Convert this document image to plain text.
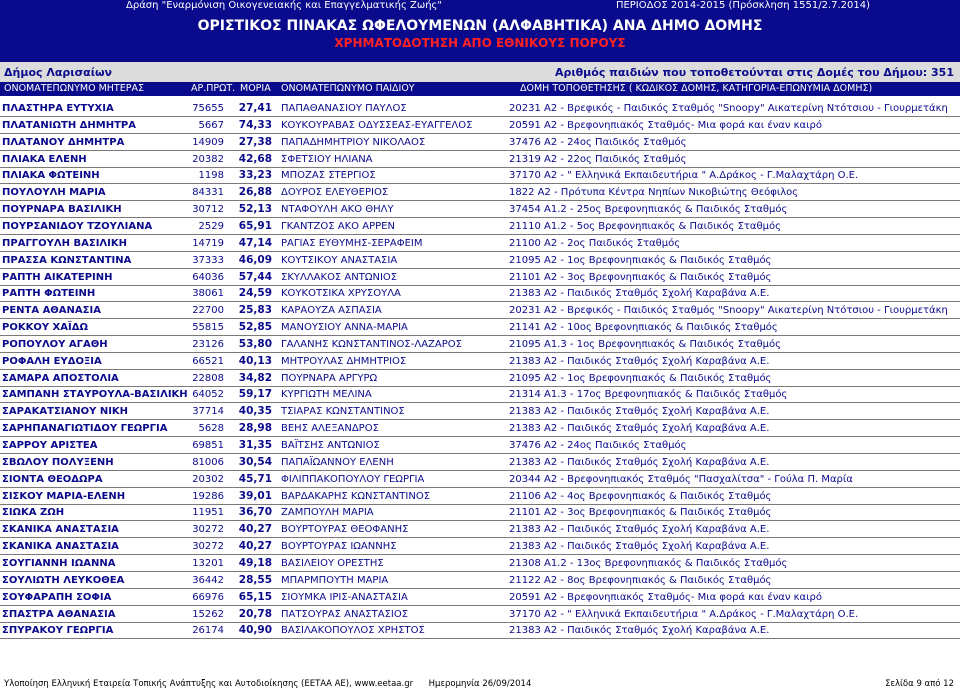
Δράση "Εναρμόνιση Οικογενειακής και Επαγγελματικής Ζωής"	ΠΕΡΙΟΔΟΣ 2014-2015 (Πρόσκληση 1551/2.7.2014)
ΟΡΙΣΤΙΚΟΣ ΠΙΝΑΚΑΣ ΩΦΕΛΟΥΜΕΝΩΝ (ΑΛΦΑΒΗΤΙΚΑ) ΑΝΑ ΔΗΜΟ ΔΟΜΗΣ
ΧΡΗΜΑΤΟΔΟΤΗΣΗ ΑΠΟ ΕΘΝΙΚΟΥΣ ΠΟΡΟΥΣ
Δήμος Λαρισαίων	Αριθμός παιδιών που τοποθετούνται στις Δομές του Δήμου: 351
ΟΝΟΜΑΤΕΠΩΝΥΜΟ ΜΗΤΕΡΑΣ	ΑΡ.ΠΡΩΤ. ΜΟΡΙΑ ΟΝΟΜΑΤΕΠΩΝΥΜΟ ΠΑΙΔΙΟΥ	ΔΟΜΗ ΤΟΠΟΘΕΤΗΣΗΣ ( ΚΩΔΙΚΟΣ ΔΟΜΗΣ, ΚΑΤΗΓΟΡΙΑ-ΕΠΩΝΥΜΙΑ ΔΟΜΗΣ)
ΠΛΑΣΤΗΡΑ ΕΥΤΥΧΙΑ	75655	27,41 ΠΑΠΑΘΑΝΑΣΙΟΥ ΠΑΥΛΟΣ	20231 Α2 - Βρεφικός - Παιδικός Σταθμός "Snoopy" Αικατερίνη Ντότσιου - Γιουρμετάκη
ΠΛΑΤΑΝΙΩΤΗ ΔΗΜΗΤΡΑ	5667	74,33 ΚΟΥΚΟΥΡΑΒΑΣ ΟΔΥΣΣΕΑΣ-ΕΥΑΓΓΕΛΟΣ	20591 Α2 - Βρεφονηπιακός Σταθμός- Μια φορά και έναν καιρό
ΠΛΑΤΑΝΟΥ ΔΗΜΗΤΡΑ	14909	27,38 ΠΑΠΑΔΗΜΗΤΡΙΟΥ ΝΙΚΟΛΑΟΣ	37476 Α2 - 24ος Παιδικός Σταθμός
ΠΛΙΑΚΑ ΕΛΕΝΗ	20382	42,68 ΣΦΕΤΣΙΟΥ ΗΛΙΑΝΑ	21319 Α2 - 22ος Παιδικός Σταθμός
ΠΛΙΑΚΑ ΦΩΤΕΙΝΗ	1198	33,23 ΜΠΟΖΑΣ ΣΤΕΡΓΙΟΣ	37170 Α2 - " Ελληνικά Εκπαιδευτήρια " Α.Δράκος - Γ.Μαλαχτάρη Ο.Ε.
ΠΟΥΛΟΥΛΗ ΜΑΡΙΑ	84331	26,88 ΔΟΥΡΟΣ ΕΛΕΥΘΕΡΙΟΣ	1822 Α2 - Πρότυπα Κέντρα Νηπίων Νικοβιώτης Θεόφιλος
ΠΟΥΡΝΑΡΑ ΒΑΣΙΛΙΚΗ	30712	52,13 ΝΤΑΦΟΥΛΗ ΑΚΟ ΘΗΛΥ	37454 Α1.2 - 25ος Βρεφονηπιακός & Παιδικός Σταθμός
ΠΟΥΡΣΑΝΙΔΟΥ ΤΖΟΥΛΙΑΝΑ	2529	65,91 ΓΚΑΝΤΖΟΣ ΑΚΟ ΑΡΡΕΝ	21110 Α1.2 - 5ος Βρεφονηπιακός & Παιδικός Σταθμός
ΠΡΑΓΓΟΥΛΗ ΒΑΣΙΛΙΚΗ	14719	47,14 ΡΑΓΙΑΣ ΕΥΘΥΜΗΣ-ΣΕΡΑΦΕΙΜ	21100 Α2 - 2ος Παιδικός Σταθμός
ΠΡΑΣΣΑ ΚΩΝΣΤΑΝΤΙΝΑ	37333	46,09 ΚΟΥΤΣΙΚΟΥ ΑΝΑΣΤΑΣΙΑ	21095 Α2 - 1ος Βρεφονηπιακός & Παιδικός Σταθμός
ΡΑΠΤΗ ΑΙΚΑΤΕΡΙΝΗ	64036	57,44 ΣΚΥΛΛΑΚΟΣ ΑΝΤΩΝΙΟΣ	21101 Α2 - 3ος Βρεφονηπιακός & Παιδικός Σταθμός
ΡΑΠΤΗ ΦΩΤΕΙΝΗ	38061	24,59 ΚΟΥΚΟΤΣΙΚΑ ΧΡΥΣΟΥΛΑ	21383 Α2 - Παιδικός Σταθμός Σχολή Καραβάνα Α.Ε.
ΡΕΝΤΑ ΑΘΑΝΑΣΙΑ	22700	25,83 ΚΑΡΑΟΥΖΑ ΑΣΠΑΣΙΑ	20231 Α2 - Βρεφικός - Παιδικός Σταθμός "Snoopy" Αικατερίνη Ντότσιου - Γιουρμετάκη
ΡΟΚΚΟΥ ΧΑΪΔΩ	55815	52,85 ΜΑΝΟΥΣΙΟΥ ΑΝΝΑ-ΜΑΡΙΑ	21141 Α2 - 10ος Βρεφονηπιακός & Παιδικός Σταθμός
ΡΟΠΟΥΛΟΥ ΑΓΑΘΗ	23126	53,80 ΓΑΛΑΝΗΣ ΚΩΝΣΤΑΝΤΙΝΟΣ-ΛΑΖΑΡΟΣ	21095 Α1.3 - 1ος Βρεφονηπιακός & Παιδικός Σταθμός
ΡΟΦΑΛΗ ΕΥΔΟΞΙΑ	66521	40,13 ΜΗΤΡΟΥΛΑΣ ΔΗΜΗΤΡΙΟΣ	21383 Α2 - Παιδικός Σταθμός Σχολή Καραβάνα Α.Ε.
ΣΑΜΑΡΑ ΑΠΟΣΤΟΛΙΑ	22808	34,82 ΠΟΥΡΝΑΡΑ ΑΡΓΥΡΩ	21095 Α2 - 1ος Βρεφονηπιακός & Παιδικός Σταθμός
ΣΑΜΠΑΝΗ ΣΤΑΥΡΟΥΛΑ-ΒΑΣΙΛΙΚΗ 64052	59,17 ΚΥΡΓΙΩΤΗ ΜΕΛΙΝΑ	21314 Α1.3 - 17ος Βρεφονηπιακός & Παιδικός Σταθμός
ΣΑΡΑΚΑΤΣΙΑΝΟΥ ΝΙΚΗ	37714	40,35 ΤΣΙΑΡΑΣ ΚΩΝΣΤΑΝΤΙΝΟΣ	21383 Α2 - Παιδικός Σταθμός Σχολή Καραβάνα Α.Ε.
ΣΑΡΗΠΑΝΑΓΙΩΤΙΔΟΥ ΓΕΩΡΓΙΑ	5628	28,98 ΒΕΗΣ ΑΛΕΞΑΝΔΡΟΣ	21383 Α2 - Παιδικός Σταθμός Σχολή Καραβάνα Α.Ε.
ΣΑΡΡΟΥ ΑΡΙΣΤΕΑ	69851	31,35 ΒΑΪΤΣΗΣ ΑΝΤΩΝΙΟΣ	37476 Α2 - 24ος Παιδικός Σταθμός
ΣΒΩΛΟΥ ΠΟΛΥΞΕΝΗ	81006	30,54 ΠΑΠΑΪΩΑΝΝΟΥ ΕΛΕΝΗ	21383 Α2 - Παιδικός Σταθμός Σχολή Καραβάνα Α.Ε.
ΣΙΟΝΤΑ ΘΕΟΔΩΡΑ	20302	45,71 ΦΙΛΙΠΠΑΚΟΠΟΥΛΟΥ ΓΕΩΡΓΙΑ	20344 Α2 - Βρεφονηπιακός Σταθμός "Πασχαλίτσα" - Γούλα Π. Μαρία
ΣΙΣΚΟΥ ΜΑΡΙΑ-ΕΛΕΝΗ	19286	39,01 ΒΑΡΔΑΚΑΡΗΣ ΚΩΝΣΤΑΝΤΙΝΟΣ	21106 Α2 - 4ος Βρεφονηπιακός & Παιδικός Σταθμός
ΣΙΩΚΑ ΖΩΗ	11951	36,70 ΖΑΜΠΟΥΛΗ ΜΑΡΙΑ	21101 Α2 - 3ος Βρεφονηπιακός & Παιδικός Σταθμός
ΣΚΑΝΙΚΑ ΑΝΑΣΤΑΣΙΑ	30272	40,27 ΒΟΥΡΤΟΥΡΑΣ ΘΕΟΦΑΝΗΣ	21383 Α2 - Παιδικός Σταθμός Σχολή Καραβάνα Α.Ε.
ΣΚΑΝΙΚΑ ΑΝΑΣΤΑΣΙΑ	30272	40,27 ΒΟΥΡΤΟΥΡΑΣ ΙΩΑΝΝΗΣ	21383 Α2 - Παιδικός Σταθμός Σχολή Καραβάνα Α.Ε.
ΣΟΥΓΙΑΝΝΗ ΙΩΑΝΝΑ	13201	49,18 ΒΑΣΙΛΕΙΟΥ ΟΡΕΣΤΗΣ	21308 Α1.2 - 13ος Βρεφονηπιακός & Παιδικός Σταθμός
ΣΟΥΛΙΩΤΗ ΛΕΥΚΟΘΕΑ	36442	28,55 ΜΠΑΡΜΠΟΥΤΗ ΜΑΡΙΑ	21122 Α2 - 8ος Βρεφονηπιακός & Παιδικός Σταθμός
ΣΟΥΦΑΡΑΠΗ ΣΟΦΙΑ	66976	65,15 ΣΙΟΥΜΚΑ ΙΡΙΣ-ΑΝΑΣΤΑΣΙΑ	20591 Α2 - Βρεφονηπιακός Σταθμός- Μια φορά και έναν καιρό
ΣΠΑΣΤΡΑ ΑΘΑΝΑΣΙΑ	15262	20,78 ΠΑΤΣΟΥΡΑΣ ΑΝΑΣΤΑΣΙΟΣ	37170 Α2 - " Ελληνικά Εκπαιδευτήρια " Α.Δράκος - Γ.Μαλαχτάρη Ο.Ε.
ΣΠΥΡΑΚΟΥ ΓΕΩΡΓΙΑ	26174	40,90 ΒΑΣΙΛΑΚΟΠΟΥΛΟΣ ΧΡΗΣΤΟΣ	21383 Α2 - Παιδικός Σταθμός Σχολή Καραβάνα Α.Ε.
Υλοποίηση Ελληνική Εταιρεία Τοπικής Ανάπτυξης και Αυτοδιοίκησης (ΕΕΤΑΑ ΑΕ), www.eetaa.gr	Ημερομηνία 26/09/2014	Σελίδα 9 από 12
